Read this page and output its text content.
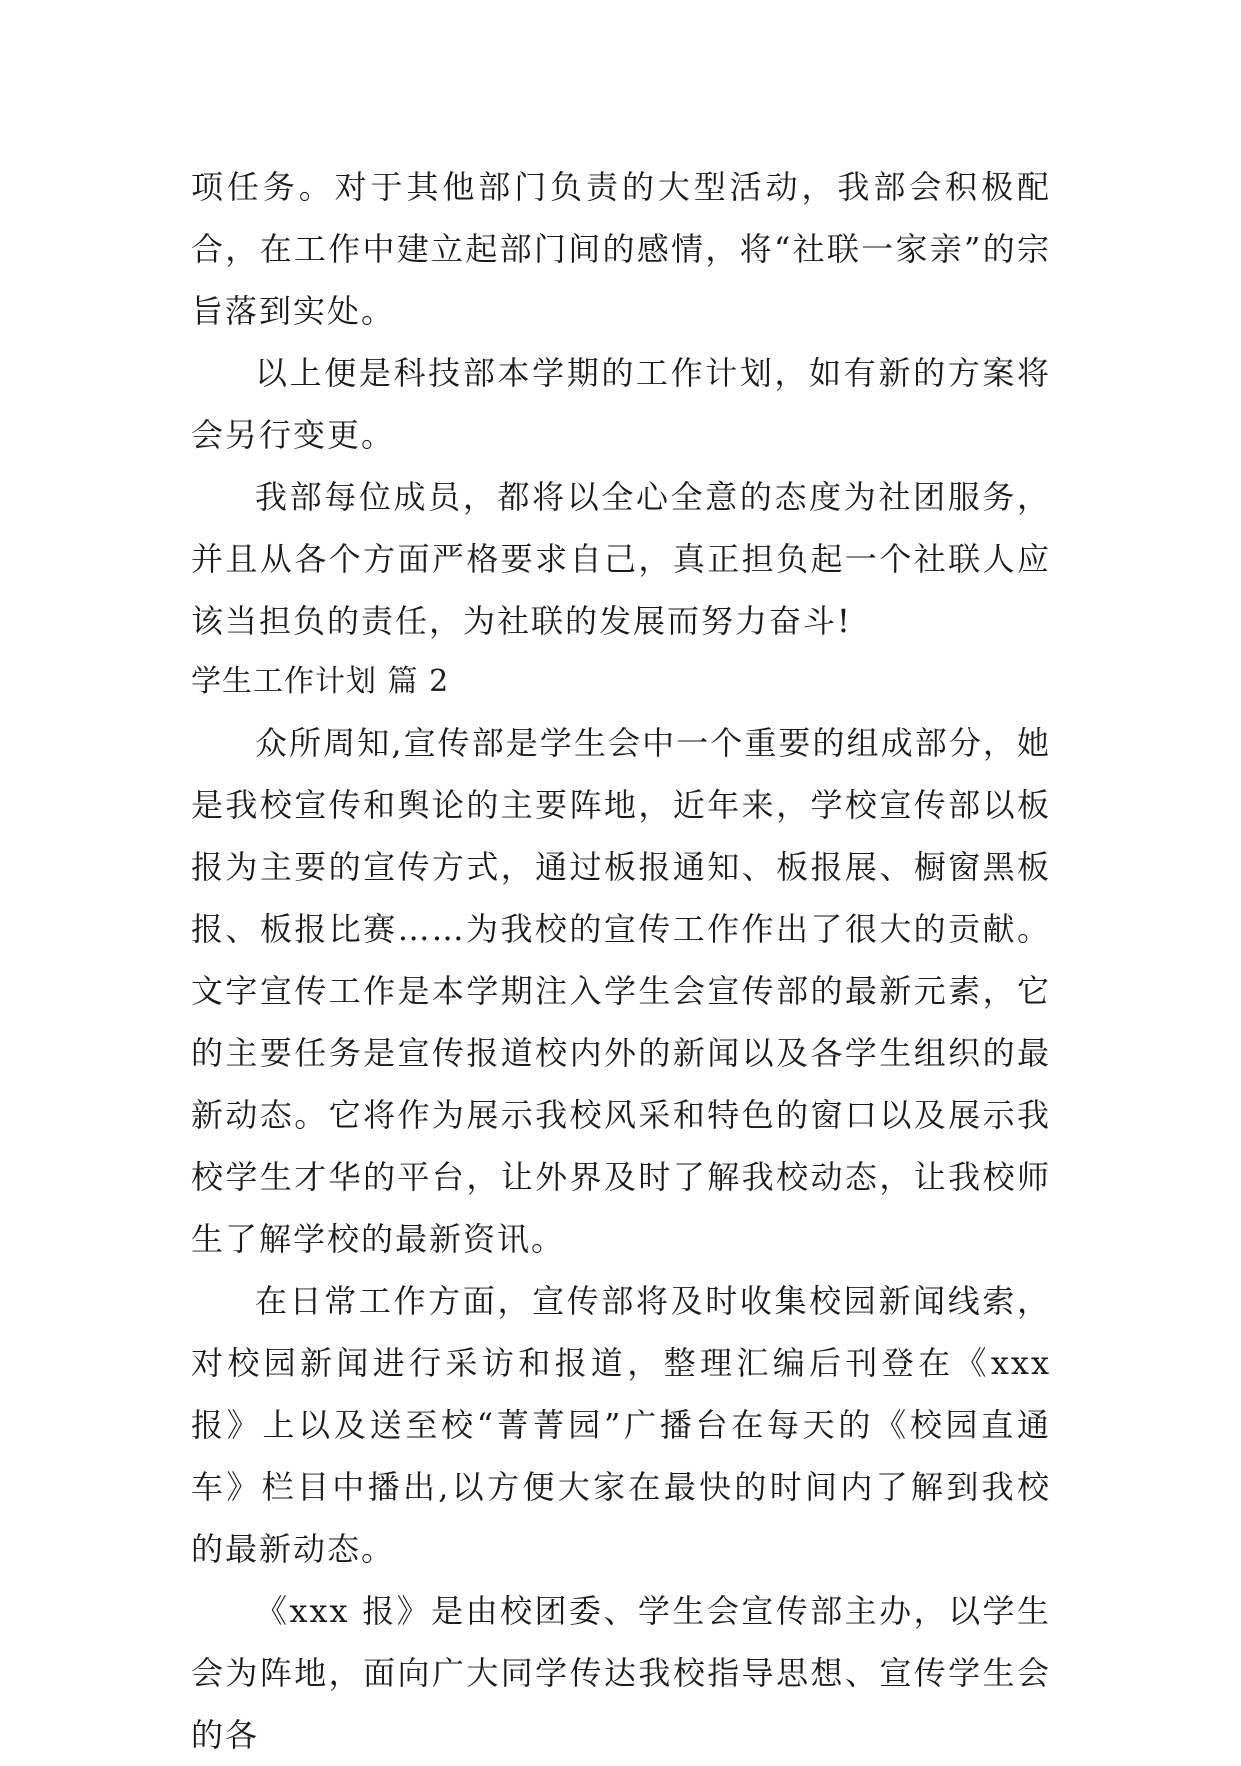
项任务。对于其他部门负责的大型活动，我部会积极配合，在工作中建立起部门间的感情，将“社联一家亲”的宗旨落到实处。

以上便是科技部本学期的工作计划，如有新的方案将会另行变更。

我部每位成员，都将以全心全意的态度为社团服务，并且从各个方面严格要求自己，真正担负起一个社联人应该当担负的责任，为社联的发展而努力奋斗!

学生工作计划 篇 2

众所周知,宣传部是学生会中一个重要的组成部分，她是我校宣传和舆论的主要阵地，近年来，学校宣传部以板报为主要的宣传方式，通过板报通知、板报展、橱窗黑板报、板报比赛……为我校的宣传工作作出了很大的贡献。文字宣传工作是本学期注入学生会宣传部的最新元素，它的主要任务是宣传报道校内外的新闻以及各学生组织的最新动态。它将作为展示我校风采和特色的窗口以及展示我校学生才华的平台，让外界及时了解我校动态，让我校师生了解学校的最新资讯。

在日常工作方面，宣传部将及时收集校园新闻线索，对校园新闻进行采访和报道，整理汇编后刊登在《xxx 报》上以及送至校“菁菁园”广播台在每天的《校园直通车》栏目中播出,以方便大家在最快的时间内了解到我校的最新动态。

《xxx 报》是由校团委、学生会宣传部主办，以学生会为阵地，面向广大同学传达我校指导思想、宣传学生会的各
